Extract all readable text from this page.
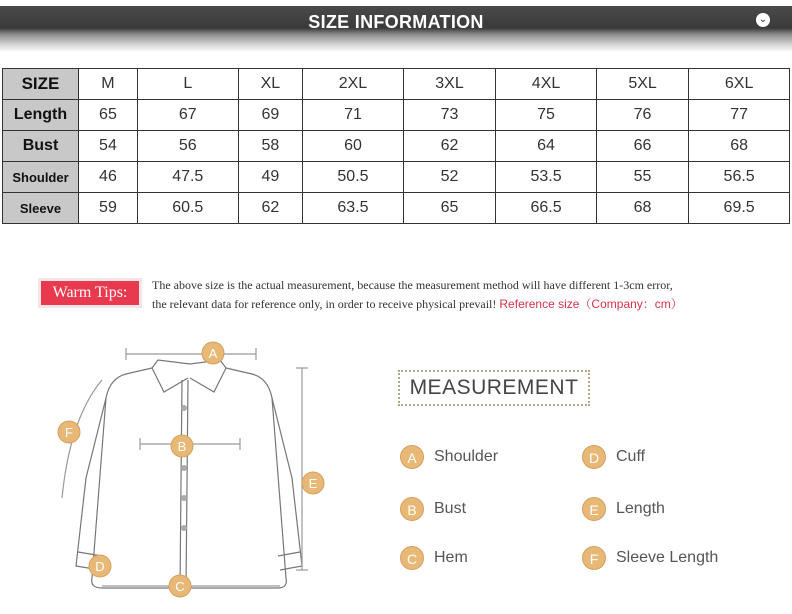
SIZE INFORMATION	⌄
SIZE	M	L	XL	2XL	3XL	4XL	5XL	6XL
Length	65	67	69	71	73	75	76	77
Bust	54	56	58	60	62	64	66	68
Shoulder	46	47.5	49	50.5	52	53.5	55	56.5
Sleeve	59	60.5	62	63.5	65	66.5	68	69.5
Warm Tips:	The above size is the actual measurement, because the measurement method will have different 1-3cm error,
the relevant data for reference only, in order to receive physical prevail! Reference size（Company：cm）
A
B
C
D
E
F
MEASUREMENT
A	Shoulder
B	Bust
C	Hem
D	Cuff
E	Length
F	Sleeve Length
